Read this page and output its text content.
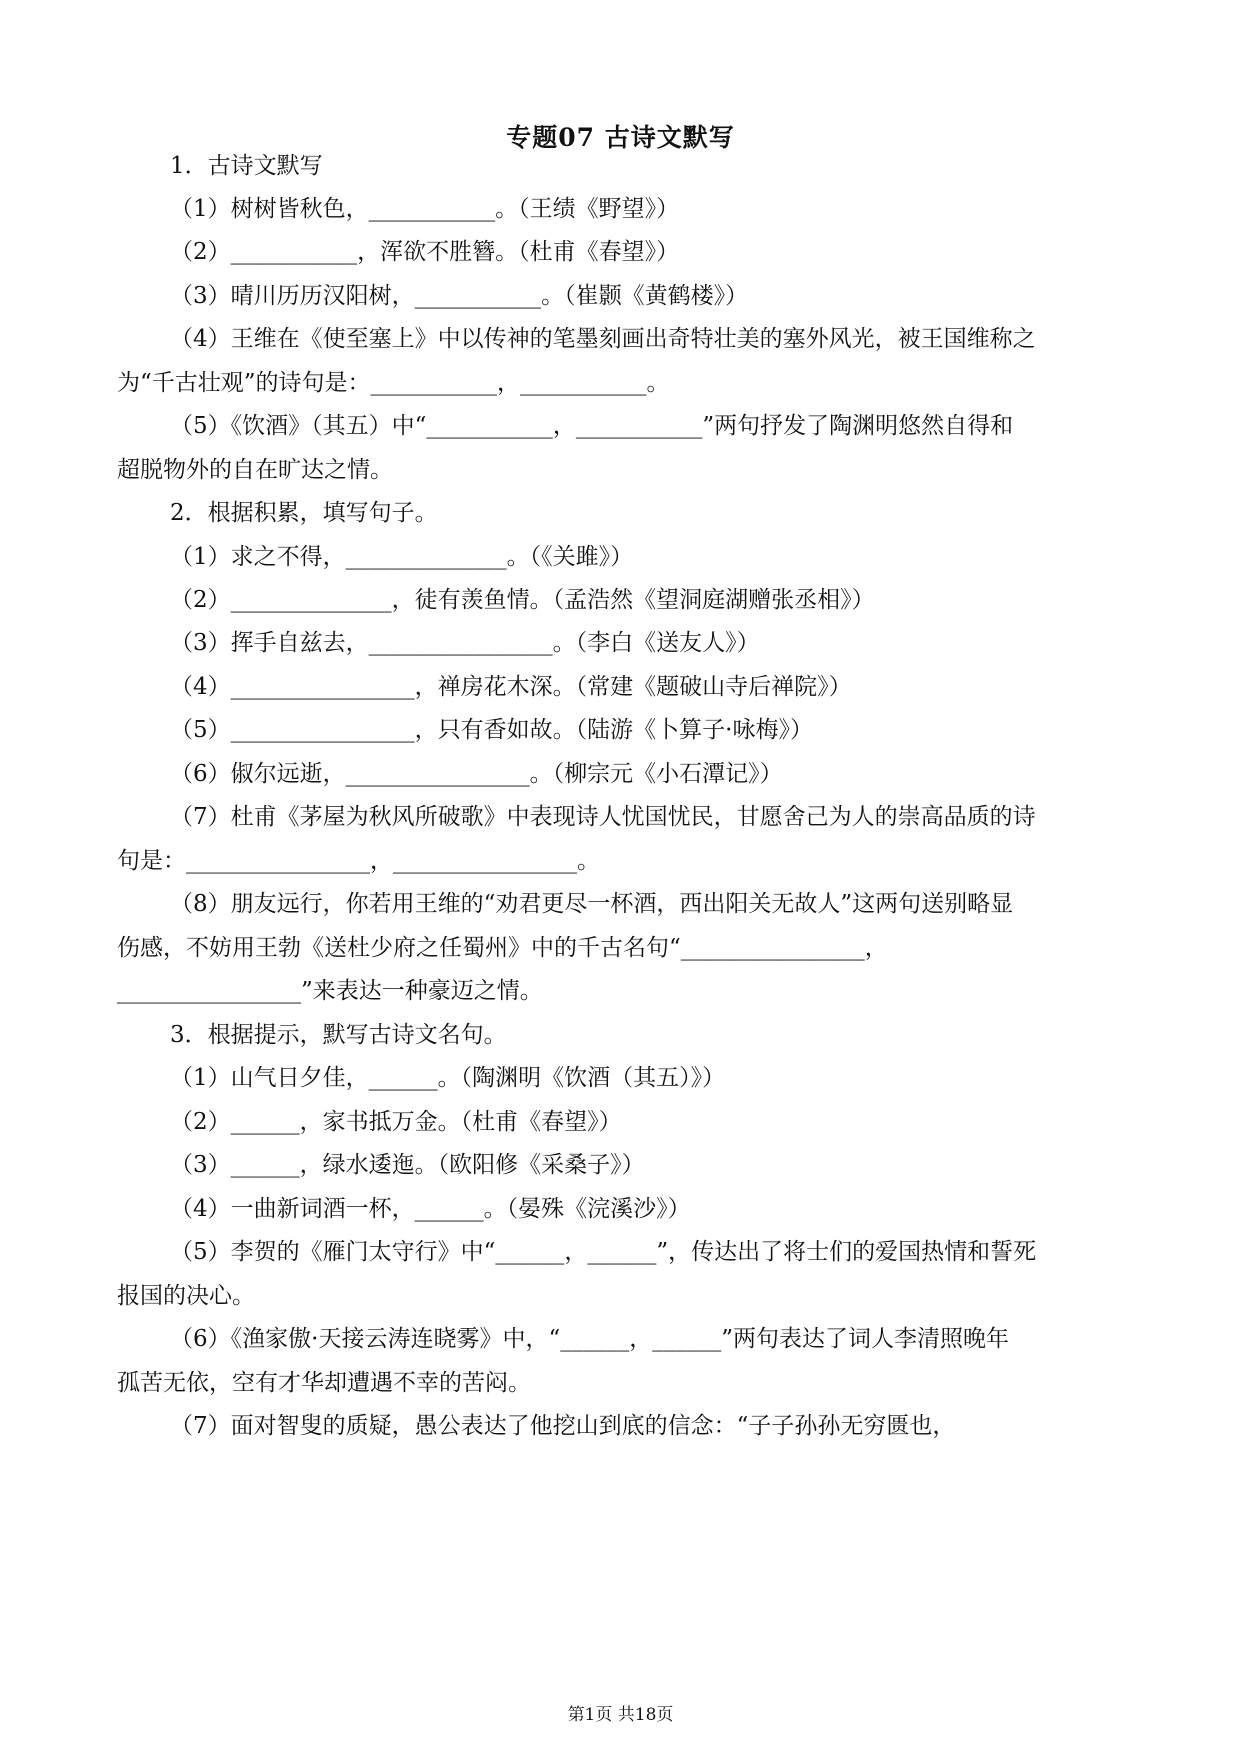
专题07 古诗文默写
1．古诗文默写
（1）树树皆秋色，___________。（王绩《野望》）
（2）___________，浑欲不胜簪。（杜甫《春望》）
（3）晴川历历汉阳树，___________。（崔颢《黄鹤楼》）
（4）王维在《使至塞上》中以传神的笔墨刻画出奇特壮美的塞外风光，被王国维称之
为“千古壮观”的诗句是：___________，___________。
（5）《饮酒》（其五）中“___________，___________”两句抒发了陶渊明悠然自得和
超脱物外的自在旷达之情。
2．根据积累，填写句子。
（1）求之不得，______________。（《关雎》）
（2）______________，徒有羡鱼情。（孟浩然《望洞庭湖赠张丞相》）
（3）挥手自兹去，________________。（李白《送友人》）
（4）________________，禅房花木深。（常建《题破山寺后禅院》）
（5）________________，只有香如故。（陆游《卜算子·咏梅》）
（6）俶尔远逝，________________。（柳宗元《小石潭记》）
（7）杜甫《茅屋为秋风所破歌》中表现诗人忧国忧民，甘愿舍己为人的崇高品质的诗
句是：________________，________________。
（8）朋友远行，你若用王维的“劝君更尽一杯酒，西出阳关无故人”这两句送别略显
伤感，不妨用王勃《送杜少府之任蜀州》中的千古名句“________________，
________________”来表达一种豪迈之情。
3．根据提示，默写古诗文名句。
（1）山气日夕佳，______。（陶渊明《饮酒（其五）》）
（2）______，家书抵万金。（杜甫《春望》）
（3）______，绿水逶迤。（欧阳修《采桑子》）
（4）一曲新词酒一杯，______。（晏殊《浣溪沙》）
（5）李贺的《雁门太守行》中“______，______”，传达出了将士们的爱国热情和誓死
报国的决心。
（6）《渔家傲·天接云涛连晓雾》中，“______，______”两句表达了词人李清照晚年
孤苦无依，空有才华却遭遇不幸的苦闷。
（7）面对智叟的质疑，愚公表达了他挖山到底的信念：“子子孙孙无穷匮也，
第1页 共18页
